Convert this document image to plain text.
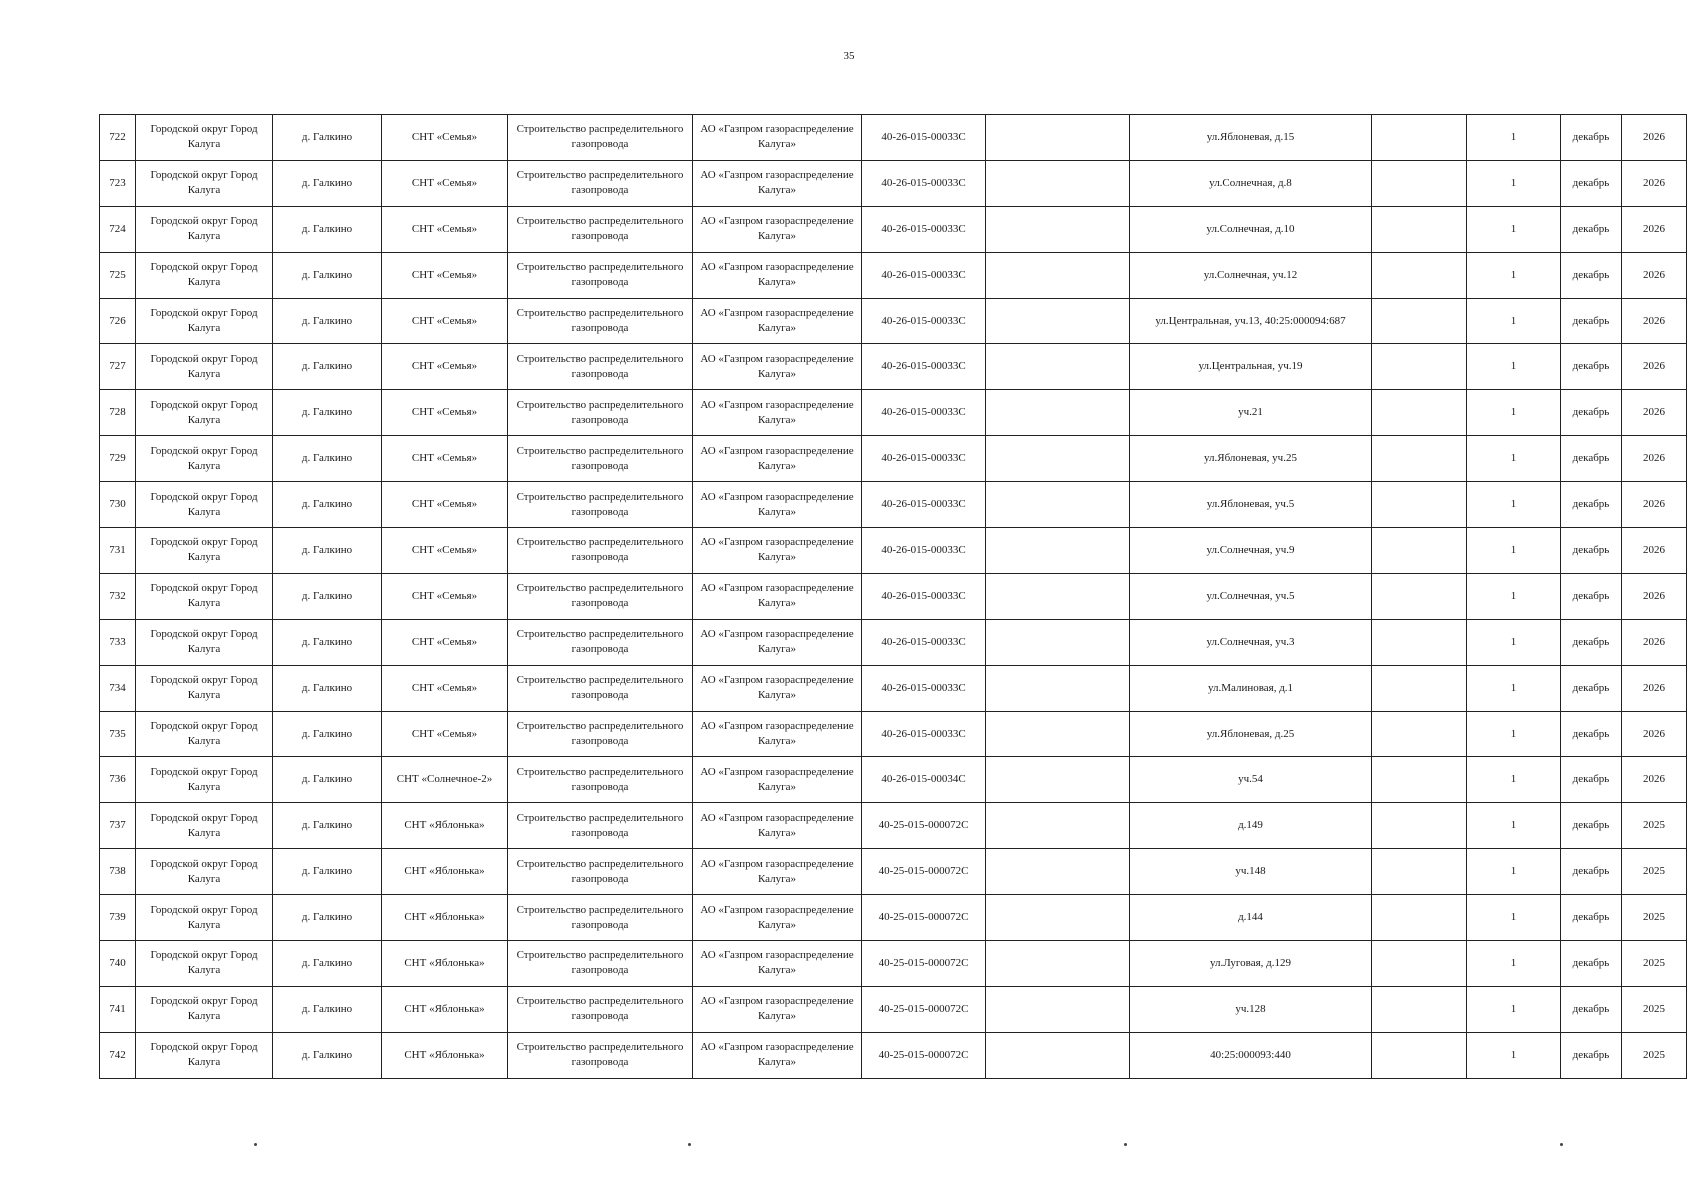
35
722	Городской округ Город Калуга	д. Галкино	СНТ «Семья»	Строительство распределительного газопровода	АО «Газпром газораспределение Калуга»	40-26-015-00033С		ул.Яблоневая, д.15		1	декабрь	2026
723	Городской округ Город Калуга	д. Галкино	СНТ «Семья»	Строительство распределительного газопровода	АО «Газпром газораспределение Калуга»	40-26-015-00033С		ул.Солнечная, д.8		1	декабрь	2026
724	Городской округ Город Калуга	д. Галкино	СНТ «Семья»	Строительство распределительного газопровода	АО «Газпром газораспределение Калуга»	40-26-015-00033С		ул.Солнечная, д.10		1	декабрь	2026
725	Городской округ Город Калуга	д. Галкино	СНТ «Семья»	Строительство распределительного газопровода	АО «Газпром газораспределение Калуга»	40-26-015-00033С		ул.Солнечная, уч.12		1	декабрь	2026
726	Городской округ Город Калуга	д. Галкино	СНТ «Семья»	Строительство распределительного газопровода	АО «Газпром газораспределение Калуга»	40-26-015-00033С		ул.Центральная, уч.13, 40:25:000094:687		1	декабрь	2026
727	Городской округ Город Калуга	д. Галкино	СНТ «Семья»	Строительство распределительного газопровода	АО «Газпром газораспределение Калуга»	40-26-015-00033С		ул.Центральная, уч.19		1	декабрь	2026
728	Городской округ Город Калуга	д. Галкино	СНТ «Семья»	Строительство распределительного газопровода	АО «Газпром газораспределение Калуга»	40-26-015-00033С		уч.21		1	декабрь	2026
729	Городской округ Город Калуга	д. Галкино	СНТ «Семья»	Строительство распределительного газопровода	АО «Газпром газораспределение Калуга»	40-26-015-00033С		ул.Яблоневая, уч.25		1	декабрь	2026
730	Городской округ Город Калуга	д. Галкино	СНТ «Семья»	Строительство распределительного газопровода	АО «Газпром газораспределение Калуга»	40-26-015-00033С		ул.Яблоневая, уч.5		1	декабрь	2026
731	Городской округ Город Калуга	д. Галкино	СНТ «Семья»	Строительство распределительного газопровода	АО «Газпром газораспределение Калуга»	40-26-015-00033С		ул.Солнечная, уч.9		1	декабрь	2026
732	Городской округ Город Калуга	д. Галкино	СНТ «Семья»	Строительство распределительного газопровода	АО «Газпром газораспределение Калуга»	40-26-015-00033С		ул.Солнечная, уч.5		1	декабрь	2026
733	Городской округ Город Калуга	д. Галкино	СНТ «Семья»	Строительство распределительного газопровода	АО «Газпром газораспределение Калуга»	40-26-015-00033С		ул.Солнечная, уч.3		1	декабрь	2026
734	Городской округ Город Калуга	д. Галкино	СНТ «Семья»	Строительство распределительного газопровода	АО «Газпром газораспределение Калуга»	40-26-015-00033С		ул.Малиновая, д.1		1	декабрь	2026
735	Городской округ Город Калуга	д. Галкино	СНТ «Семья»	Строительство распределительного газопровода	АО «Газпром газораспределение Калуга»	40-26-015-00033С		ул.Яблоневая, д.25		1	декабрь	2026
736	Городской округ Город Калуга	д. Галкино	СНТ «Солнечное-2»	Строительство распределительного газопровода	АО «Газпром газораспределение Калуга»	40-26-015-00034С		уч.54		1	декабрь	2026
737	Городской округ Город Калуга	д. Галкино	СНТ «Яблонька»	Строительство распределительного газопровода	АО «Газпром газораспределение Калуга»	40-25-015-000072С		д.149		1	декабрь	2025
738	Городской округ Город Калуга	д. Галкино	СНТ «Яблонька»	Строительство распределительного газопровода	АО «Газпром газораспределение Калуга»	40-25-015-000072С		уч.148		1	декабрь	2025
739	Городской округ Город Калуга	д. Галкино	СНТ «Яблонька»	Строительство распределительного газопровода	АО «Газпром газораспределение Калуга»	40-25-015-000072С		д.144		1	декабрь	2025
740	Городской округ Город Калуга	д. Галкино	СНТ «Яблонька»	Строительство распределительного газопровода	АО «Газпром газораспределение Калуга»	40-25-015-000072С		ул.Луговая, д.129		1	декабрь	2025
741	Городской округ Город Калуга	д. Галкино	СНТ «Яблонька»	Строительство распределительного газопровода	АО «Газпром газораспределение Калуга»	40-25-015-000072С		уч.128		1	декабрь	2025
742	Городской округ Город Калуга	д. Галкино	СНТ «Яблонька»	Строительство распределительного газопровода	АО «Газпром газораспределение Калуга»	40-25-015-000072С		40:25:000093:440		1	декабрь	2025
